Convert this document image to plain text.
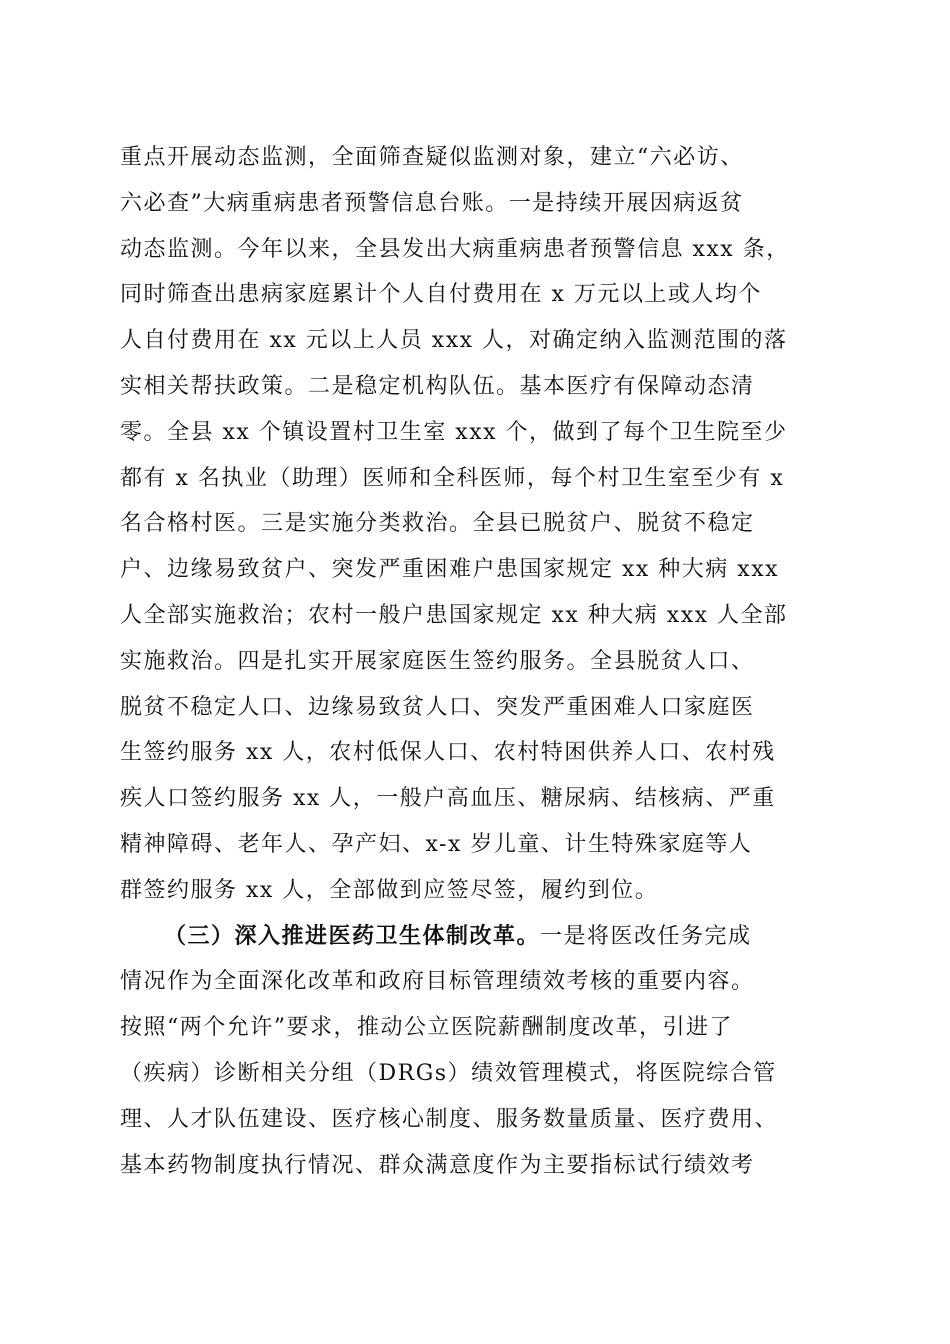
重点开展动态监测，全面筛查疑似监测对象，建立“六必访、
六必查”大病重病患者预警信息台账。一是持续开展因病返贫
动态监测。今年以来，全县发出大病重病患者预警信息 xxx 条，
同时筛查出患病家庭累计个人自付费用在 x 万元以上或人均个
人自付费用在 xx 元以上人员 xxx 人，对确定纳入监测范围的落
实相关帮扶政策。二是稳定机构队伍。基本医疗有保障动态清
零。全县 xx 个镇设置村卫生室 xxx 个，做到了每个卫生院至少
都有 x 名执业（助理）医师和全科医师，每个村卫生室至少有 x
名合格村医。三是实施分类救治。全县已脱贫户、脱贫不稳定
户、边缘易致贫户、突发严重困难户患国家规定 xx 种大病 xxx
人全部实施救治；农村一般户患国家规定 xx 种大病 xxx 人全部
实施救治。四是扎实开展家庭医生签约服务。全县脱贫人口、
脱贫不稳定人口、边缘易致贫人口、突发严重困难人口家庭医
生签约服务 xx 人，农村低保人口、农村特困供养人口、农村残
疾人口签约服务 xx 人，一般户高血压、糖尿病、结核病、严重
精神障碍、老年人、孕产妇、x-x 岁儿童、计生特殊家庭等人
群签约服务 xx 人，全部做到应签尽签，履约到位。
（三）深入推进医药卫生体制改革。一是将医改任务完成
情况作为全面深化改革和政府目标管理绩效考核的重要内容。
按照“两个允许”要求，推动公立医院薪酬制度改革，引进了
（疾病）诊断相关分组（DRGs）绩效管理模式，将医院综合管
理、人才队伍建设、医疗核心制度、服务数量质量、医疗费用、
基本药物制度执行情况、群众满意度作为主要指标试行绩效考
